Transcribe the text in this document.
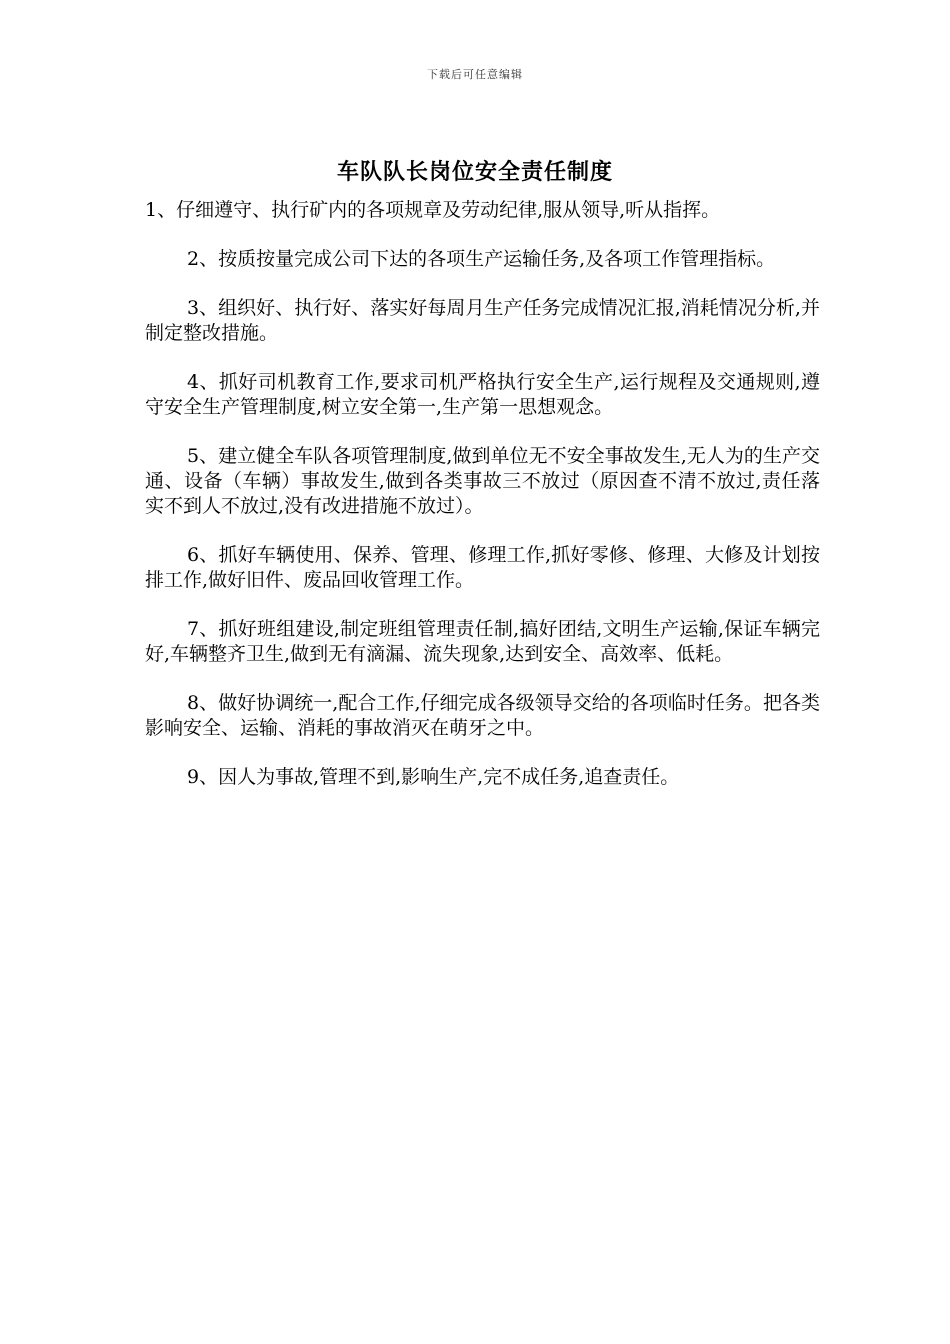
下载后可任意编辑
车队队长岗位安全责任制度

1、仔细遵守、执行矿内的各项规章及劳动纪律,服从领导,听从指挥。

2、按质按量完成公司下达的各项生产运输任务,及各项工作管理指标。

3、组织好、执行好、落实好每周月生产任务完成情况汇报,消耗情况分析,并制定整改措施。

4、抓好司机教育工作,要求司机严格执行安全生产,运行规程及交通规则,遵守安全生产管理制度,树立安全第一,生产第一思想观念。

5、建立健全车队各项管理制度,做到单位无不安全事故发生,无人为的生产交通、设备（车辆）事故发生,做到各类事故三不放过（原因查不清不放过,责任落实不到人不放过,没有改进措施不放过）。

6、抓好车辆使用、保养、管理、修理工作,抓好零修、修理、大修及计划按排工作,做好旧件、废品回收管理工作。

7、抓好班组建设,制定班组管理责任制,搞好团结,文明生产运输,保证车辆完好,车辆整齐卫生,做到无有滴漏、流失现象,达到安全、高效率、低耗。

8、做好协调统一,配合工作,仔细完成各级领导交给的各项临时任务。把各类影响安全、运输、消耗的事故消灭在萌牙之中。

9、因人为事故,管理不到,影响生产,完不成任务,追查责任。
